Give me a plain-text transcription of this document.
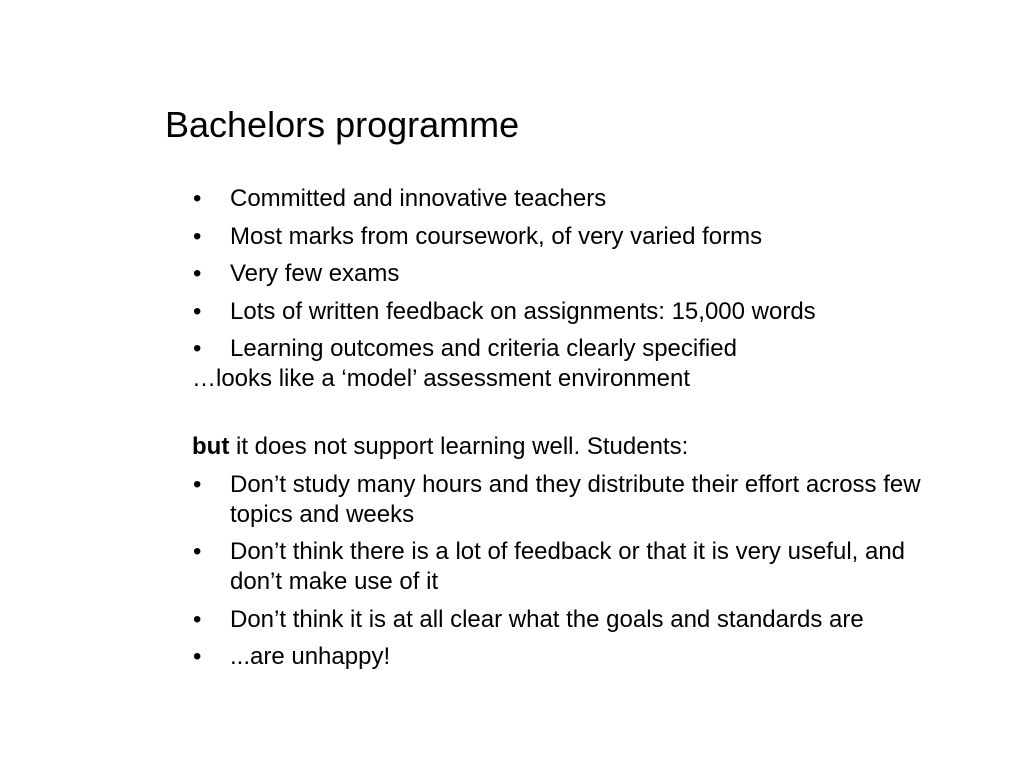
Bachelors programme
• Committed and innovative teachers
• Most marks from coursework, of very varied forms
• Very few exams
• Lots of written feedback on assignments: 15,000 words
• Learning outcomes and criteria clearly specified

…looks like a ‘model’ assessment environment

but it does not support learning well. Students:

• Don’t study many hours and they distribute their effort across few topics and weeks
• Don’t think there is a lot of feedback or that it is very useful, and don’t make use of it
• Don’t think it is at all clear what the goals and standards are
• ...are unhappy!
